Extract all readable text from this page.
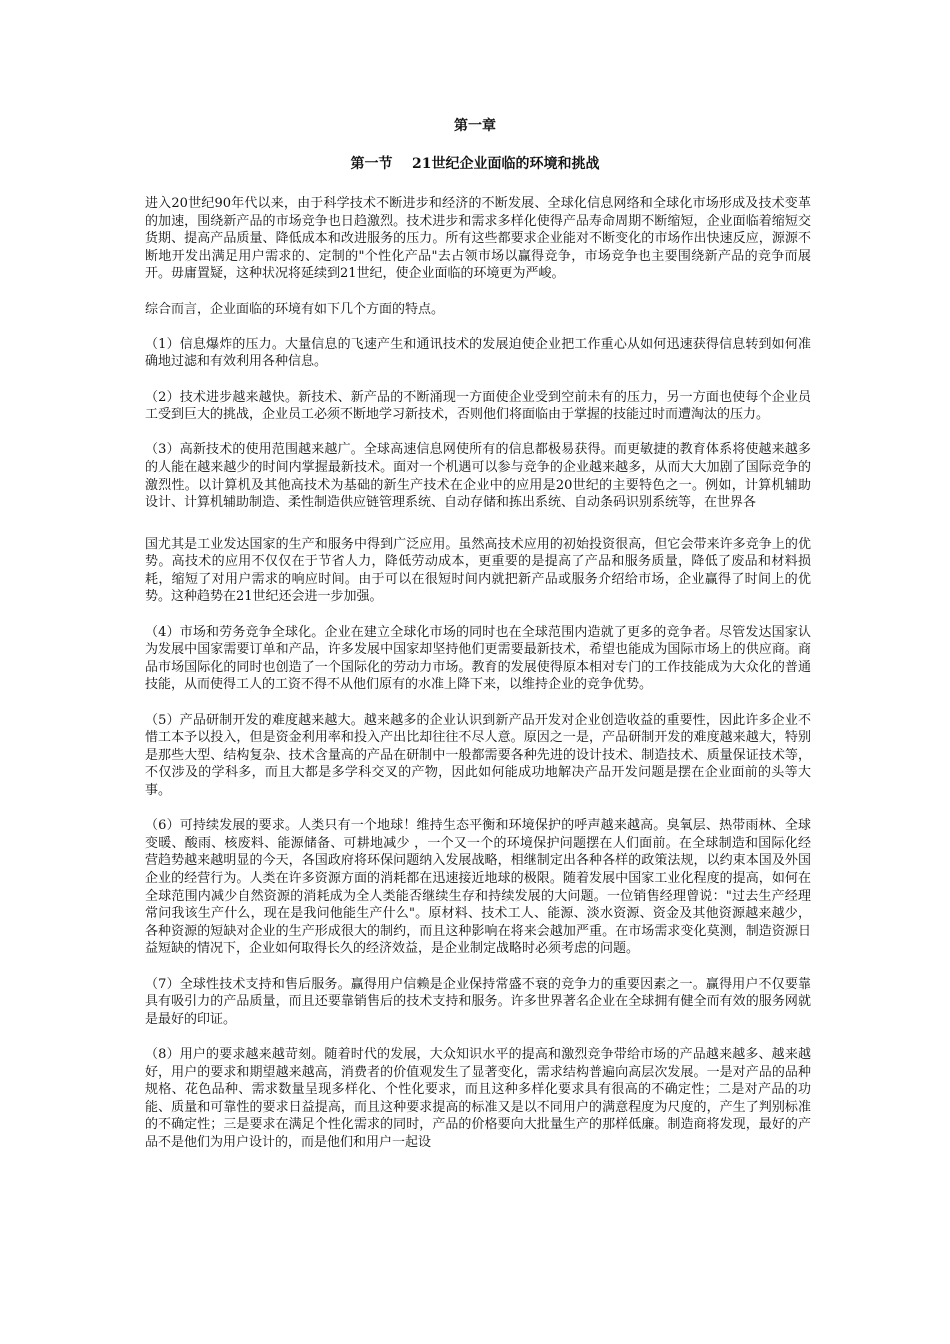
第一章
第一节    21世纪企业面临的环境和挑战

进入20世纪90年代以来，由于科学技术不断进步和经济的不断发展、全球化信息网络和全球化市场形成及技术变革的加速，围绕新产品的市场竞争也日趋激烈。技术进步和需求多样化使得产品寿命周期不断缩短，企业面临着缩短交货期、提高产品质量、降低成本和改进服务的压力。所有这些都要求企业能对不断变化的市场作出快速反应，源源不断地开发出满足用户需求的、定制的"个性化产品"去占领市场以赢得竞争，市场竞争也主要围绕新产品的竞争而展开。毋庸置疑，这种状况将延续到21世纪，使企业面临的环境更为严峻。

综合而言，企业面临的环境有如下几个方面的特点。

（1）信息爆炸的压力。大量信息的飞速产生和通讯技术的发展迫使企业把工作重心从如何迅速获得信息转到如何准确地过滤和有效利用各种信息。

（2）技术进步越来越快。新技术、新产品的不断涌现一方面使企业受到空前未有的压力，另一方面也使每个企业员工受到巨大的挑战，企业员工必须不断地学习新技术，否则他们将面临由于掌握的技能过时而遭淘汰的压力。

（3）高新技术的使用范围越来越广。全球高速信息网使所有的信息都极易获得。而更敏捷的教育体系将使越来越多的人能在越来越少的时间内掌握最新技术。面对一个机遇可以参与竞争的企业越来越多，从而大大加剧了国际竞争的激烈性。以计算机及其他高技术为基础的新生产技术在企业中的应用是20世纪的主要特色之一。例如，计算机辅助设计、计算机辅助制造、柔性制造供应链管理系统、自动存储和拣出系统、自动条码识别系统等，在世界各

国尤其是工业发达国家的生产和服务中得到广泛应用。虽然高技术应用的初始投资很高，但它会带来许多竞争上的优势。高技术的应用不仅仅在于节省人力，降低劳动成本，更重要的是提高了产品和服务质量，降低了废品和材料损耗，缩短了对用户需求的响应时间。由于可以在很短时间内就把新产品或服务介绍给市场，企业赢得了时间上的优势。这种趋势在21世纪还会进一步加强。

（4）市场和劳务竞争全球化。企业在建立全球化市场的同时也在全球范围内造就了更多的竞争者。尽管发达国家认为发展中国家需要订单和产品，许多发展中国家却坚持他们更需要最新技术，希望也能成为国际市场上的供应商。商品市场国际化的同时也创造了一个国际化的劳动力市场。教育的发展使得原本相对专门的工作技能成为大众化的普通技能，从而使得工人的工资不得不从他们原有的水准上降下来，以维持企业的竞争优势。

（5）产品研制开发的难度越来越大。越来越多的企业认识到新产品开发对企业创造收益的重要性，因此许多企业不惜工本予以投入，但是资金利用率和投入产出比却往往不尽人意。原因之一是，产品研制开发的难度越来越大，特别是那些大型、结构复杂、技术含量高的产品在研制中一般都需要各种先进的设计技术、制造技术、质量保证技术等，不仅涉及的学科多，而且大都是多学科交叉的产物，因此如何能成功地解决产品开发问题是摆在企业面前的头等大事。

（6）可持续发展的要求。人类只有一个地球！维持生态平衡和环境保护的呼声越来越高。臭氧层、热带雨林、全球变暖、酸雨、核废料、能源储备、可耕地减少 ，一个又一个的环境保护问题摆在人们面前。在全球制造和国际化经营趋势越来越明显的今天，各国政府将环保问题纳入发展战略，相继制定出各种各样的政策法规，以约束本国及外国企业的经营行为。人类在许多资源方面的消耗都在迅速接近地球的极限。随着发展中国家工业化程度的提高，如何在全球范围内减少自然资源的消耗成为全人类能否继续生存和持续发展的大问题。一位销售经理曾说："过去生产经理常问我该生产什么，现在是我问他能生产什么"。原材料、技术工人、能源、淡水资源、资金及其他资源越来越少，各种资源的短缺对企业的生产形成很大的制约，而且这种影响在将来会越加严重。在市场需求变化莫测，制造资源日益短缺的情况下，企业如何取得长久的经济效益，是企业制定战略时必须考虑的问题。

（7）全球性技术支持和售后服务。赢得用户信赖是企业保持常盛不衰的竞争力的重要因素之一。赢得用户不仅要靠具有吸引力的产品质量，而且还要靠销售后的技术支持和服务。许多世界著名企业在全球拥有健全而有效的服务网就是最好的印证。

（8）用户的要求越来越苛刻。随着时代的发展，大众知识水平的提高和激烈竞争带给市场的产品越来越多、越来越好，用户的要求和期望越来越高，消费者的价值观发生了显著变化，需求结构普遍向高层次发展。一是对产品的品种规格、花色品种、需求数量呈现多样化、个性化要求，而且这种多样化要求具有很高的不确定性；二是对产品的功能、质量和可靠性的要求日益提高，而且这种要求提高的标准又是以不同用户的满意程度为尺度的，产生了判别标准的不确定性；三是要求在满足个性化需求的同时，产品的价格要向大批量生产的那样低廉。制造商将发现，最好的产品不是他们为用户设计的，而是他们和用户一起设
